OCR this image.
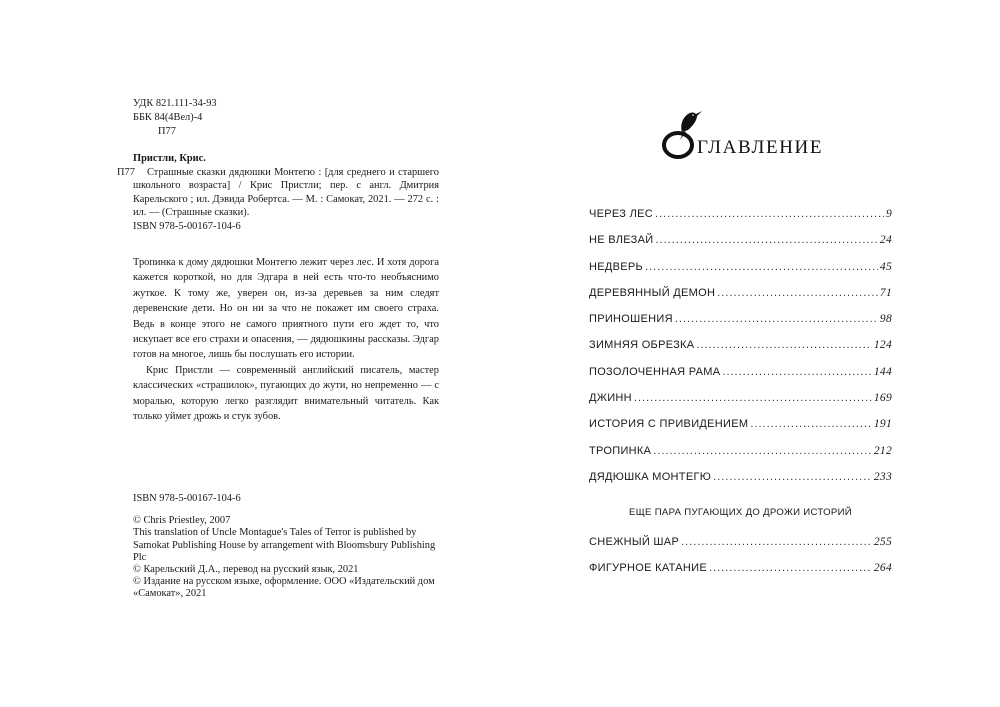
УДК 821.111-34-93
ББК 84(4Вел)-4
П77
Пристли, Крис.
П77	Страшные сказки дядюшки Монтегю : [для среднего и старшего школьного возраста] / Крис Пристли; пер. с англ. Дмитрия Карельского ; ил. Дэвида Робертса. — М. : Самокат, 2021. — 272 с. : ил. — (Страшные сказки).
ISBN 978-5-00167-104-6

Тропинка к дому дядюшки Монтегю лежит через лес. И хотя дорога кажется короткой, но для Эдгара в ней есть что-то необъяснимо жуткое. К тому же, уверен он, из-за деревьев за ним следят деревенские дети. Но он ни за что не покажет им своего страха. Ведь в конце этого не самого приятного пути его ждет то, что искупает все его страхи и опасения, — дядюшкины рассказы. Эдгар готов на многое, лишь бы послушать его истории.

Крис Пристли — современный английский писатель, мастер классических «страшилок», пугающих до жути, но непременно — с моралью, которую легко разглядит внимательный читатель. Как только уймет дрожь и стук зубов.

ISBN 978-5-00167-104-6
© Chris Priestley, 2007
This translation of Uncle Montague's Tales of Terror is published by Samokat Publishing House by arrangement with Bloomsbury Publishing Plc
© Карельский Д.А., перевод на русский язык, 2021
© Издание на русском языке, оформление. ООО «Издательский дом «Самокат», 2021
ГЛАВЛЕНИЕ
ЧЕРЕЗ ЛЕС .....	9
НЕ ВЛЕЗАЙ .....	24
НЕДВЕРЬ .....	45
ДЕРЕВЯННЫЙ ДЕМОН .....	71
ПРИНОШЕНИЯ .....	98
ЗИМНЯЯ ОБРЕЗКА .....	124
ПОЗОЛОЧЕННАЯ РАМА .....	144
ДЖИНН .....	169
ИСТОРИЯ С ПРИВИДЕНИЕМ .....	191
ТРОПИНКА .....	212
ДЯДЮШКА МОНТЕГЮ .....	233
ЕЩЕ ПАРА ПУГАЮЩИХ ДО ДРОЖИ ИСТОРИЙ
СНЕЖНЫЙ ШАР .....	255
ФИГУРНОЕ КАТАНИЕ .....	264
